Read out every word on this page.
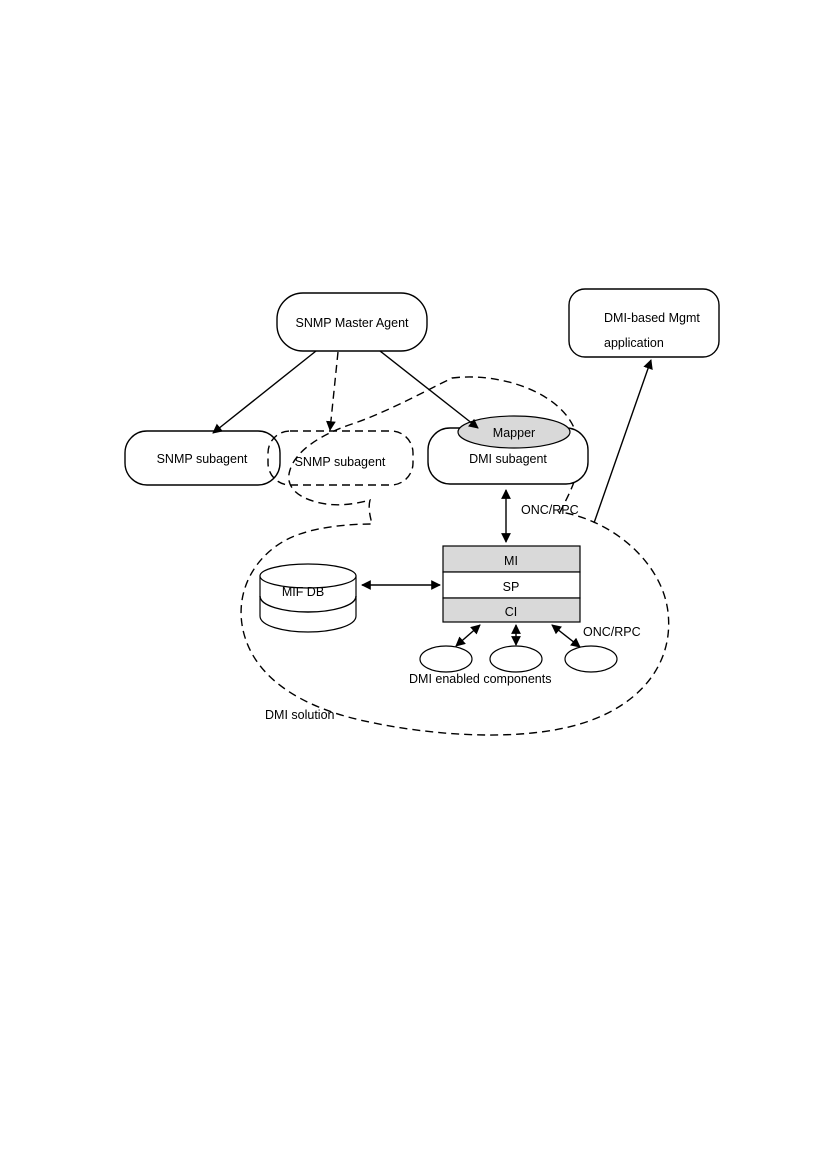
SNMP Master Agent	DMI-based Mgmt
application
SNMP subagent	SNMP subagent	DMI subagent
Mapper
MIF DB
MI
SP
CI
DMI enabled components
ONC/RPC
ONC/RPC
DMI solution
